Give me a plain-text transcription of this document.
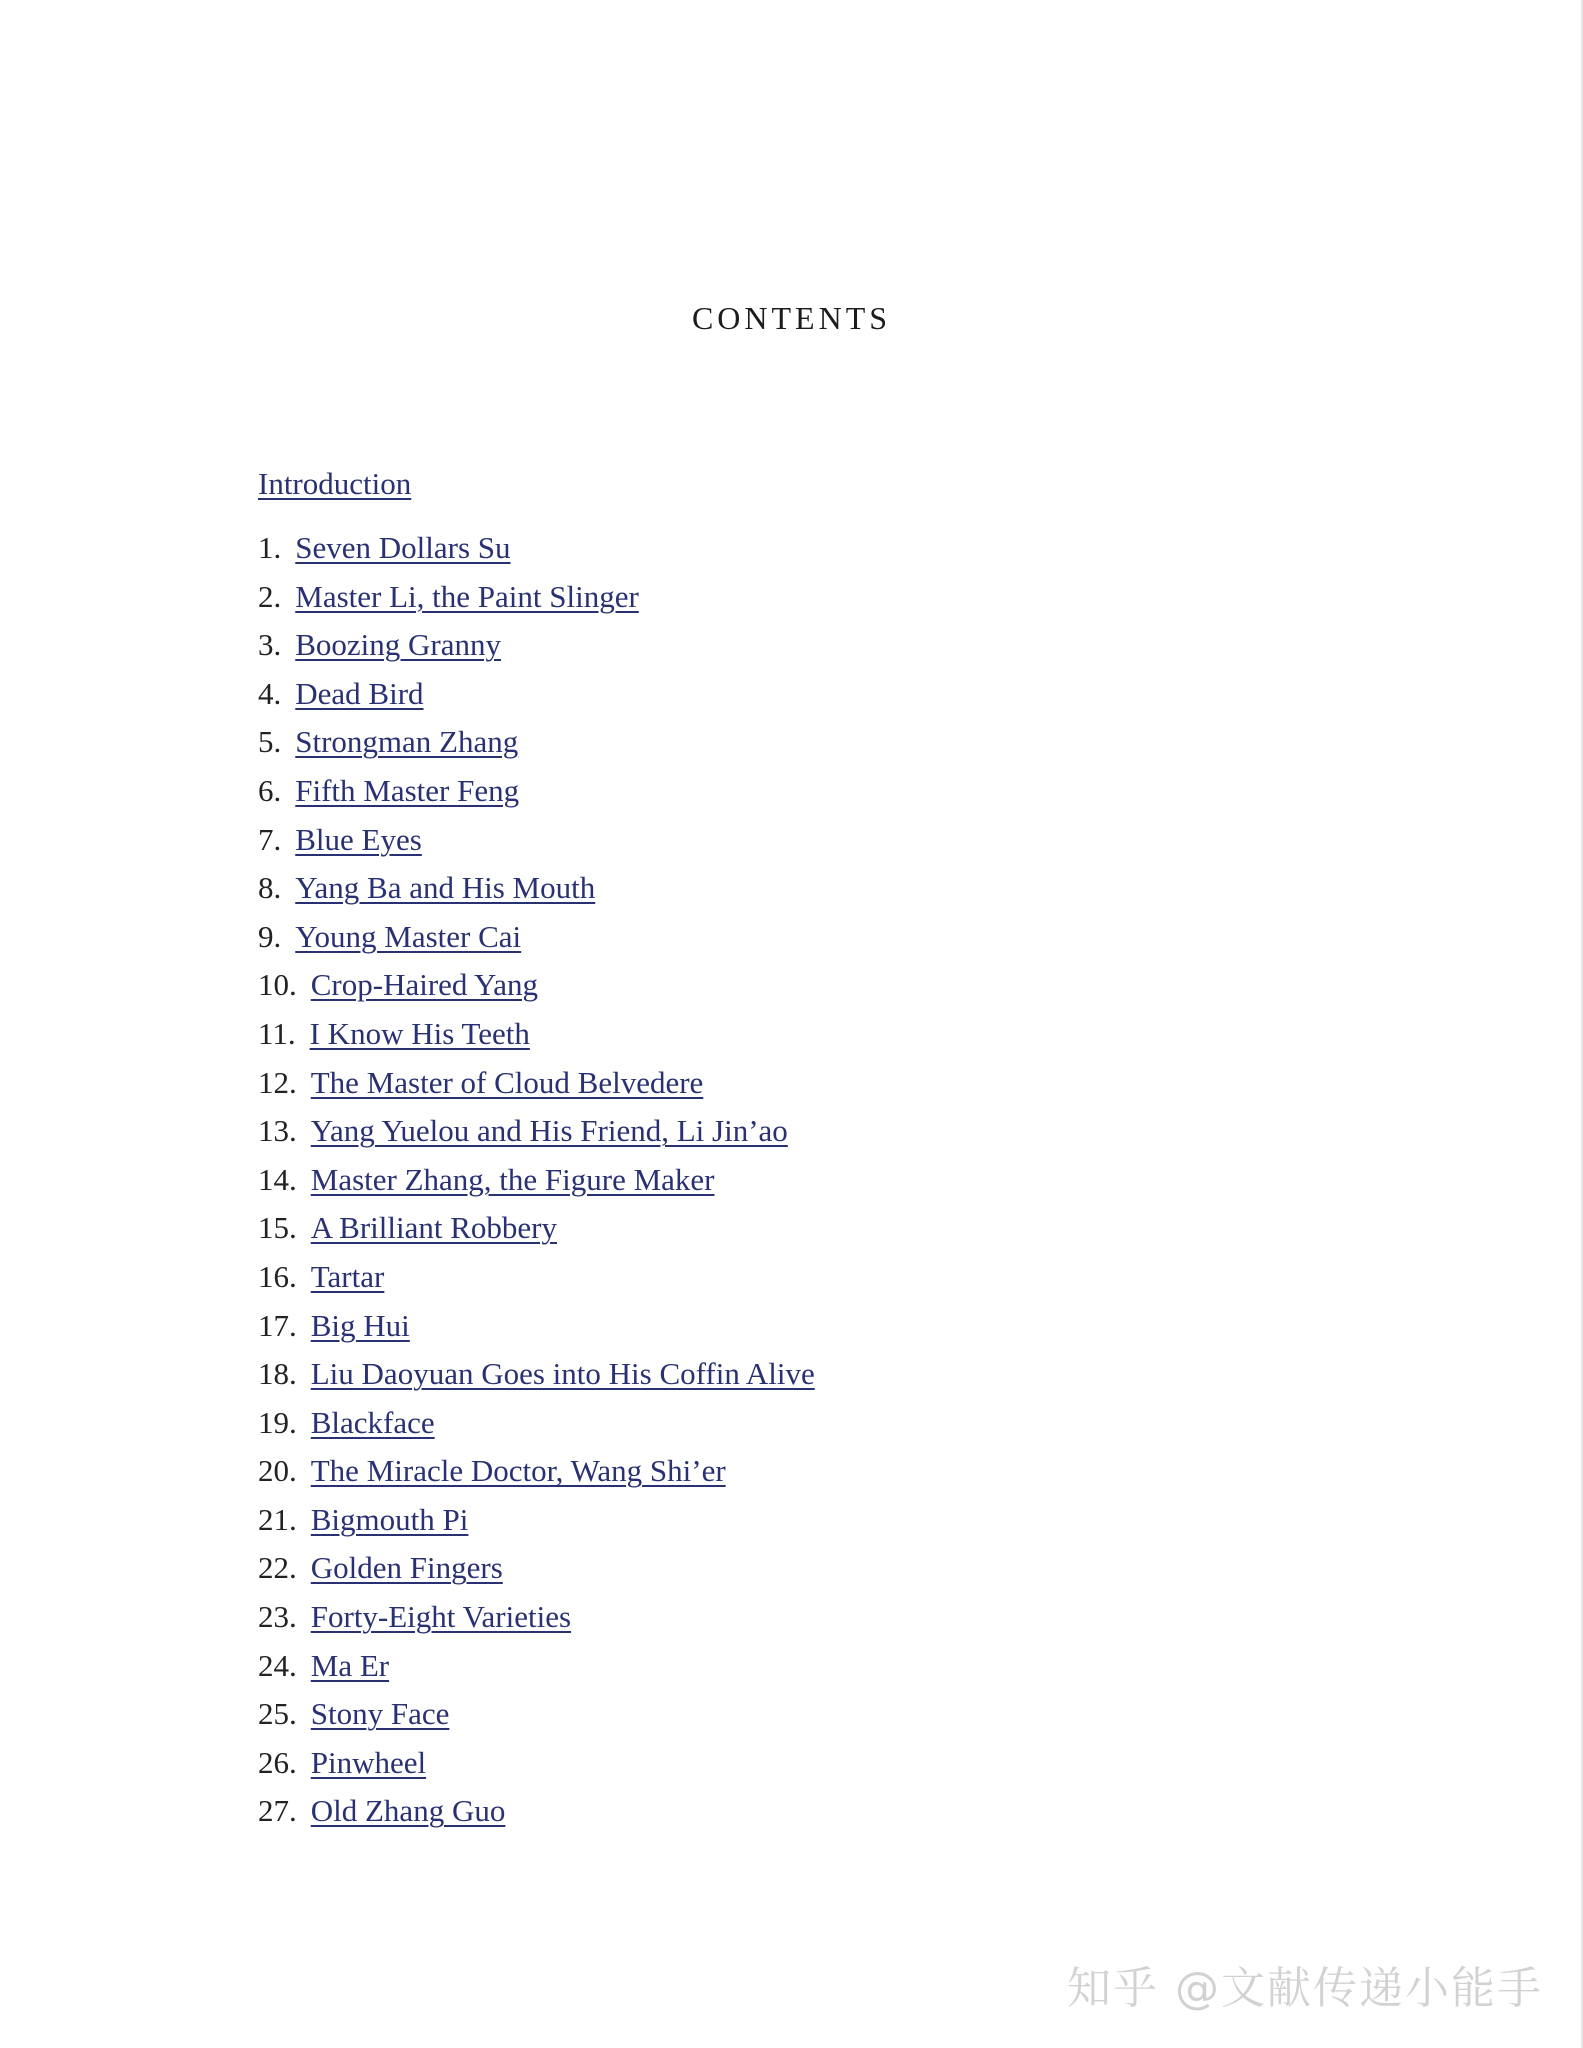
CONTENTS
Introduction
1. Seven Dollars Su
2. Master Li, the Paint Slinger
3. Boozing Granny
4. Dead Bird
5. Strongman Zhang
6. Fifth Master Feng
7. Blue Eyes
8. Yang Ba and His Mouth
9. Young Master Cai
10. Crop-Haired Yang
11. I Know His Teeth
12. The Master of Cloud Belvedere
13. Yang Yuelou and His Friend, Li Jin’ao
14. Master Zhang, the Figure Maker
15. A Brilliant Robbery
16. Tartar
17. Big Hui
18. Liu Daoyuan Goes into His Coffin Alive
19. Blackface
20. The Miracle Doctor, Wang Shi’er
21. Bigmouth Pi
22. Golden Fingers
23. Forty-Eight Varieties
24. Ma Er
25. Stony Face
26. Pinwheel
27. Old Zhang Guo
知乎 @文献传递小能手
